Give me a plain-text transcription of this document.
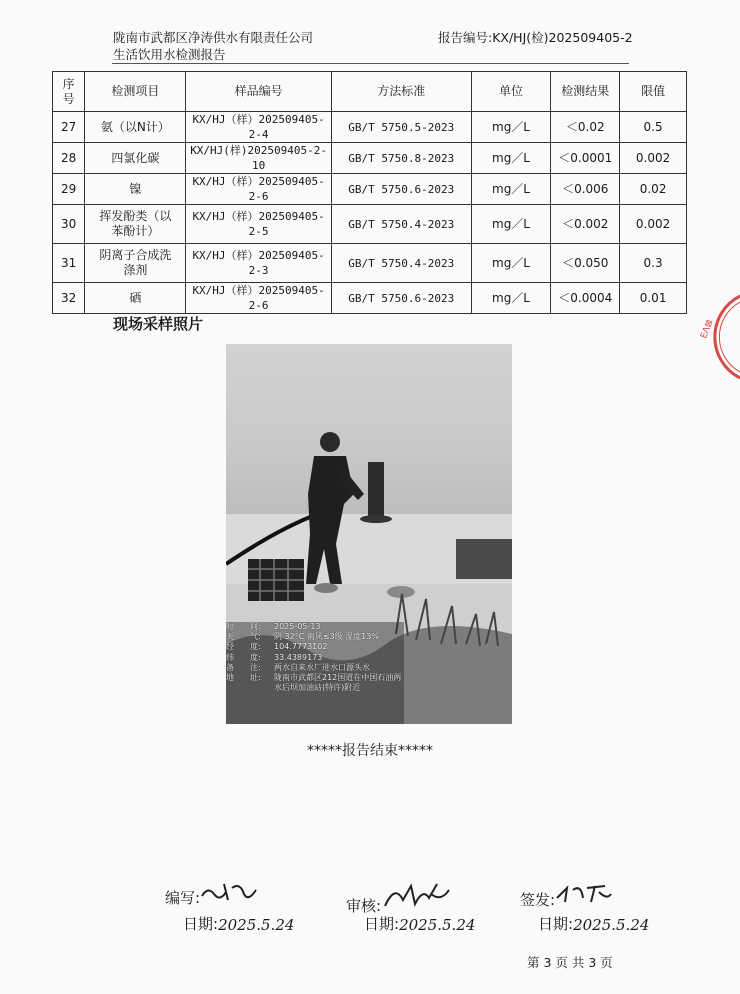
陇南市武都区净涛供水有限责任公司
生活饮用水检测报告
报告编号:KX/HJ(检)202509405-2
序号	检测项目	样品编号	方法标准	单位	检测结果	限值
27	氨（以N计）	KX/HJ（样）202509405-2-4	GB/T 5750.5-2023	mg／L	＜0.02	0.5
28	四氯化碳	KX/HJ(样)202509405-2-10	GB/T 5750.8-2023	mg／L	＜0.0001	0.002
29	镍	KX/HJ（样）202509405-2-6	GB/T 5750.6-2023	mg／L	＜0.006	0.02
30	挥发酚类（以苯酚计）	KX/HJ（样）202509405-2-5	GB/T 5750.4-2023	mg／L	＜0.002	0.002
31	阴离子合成洗涤剂	KX/HJ（样）202509405-2-3	GB/T 5750.4-2023	mg／L	＜0.050	0.3
32	硒	KX/HJ（样）202509405-2-6	GB/T 5750.6-2023	mg／L	＜0.0004	0.01
现场采样照片
时　　间:	2025-05-13
天　　气:	阴 32°C 南风≤3级 湿度13%
经　　度:	104.7773102
纬　　度:	33.4389173
备　　注:	两水自来水厂进水口源头水
地　　址:	陇南市武都区212国道在中国石油两水后坝加油站(特许)附近
*****报告结束*****
编写:	审核:	签发:
日期: 2025.5.24	日期: 2025.5.24	日期: 2025.5.24
第 3 页 共 3 页
ΕΛ⊠
